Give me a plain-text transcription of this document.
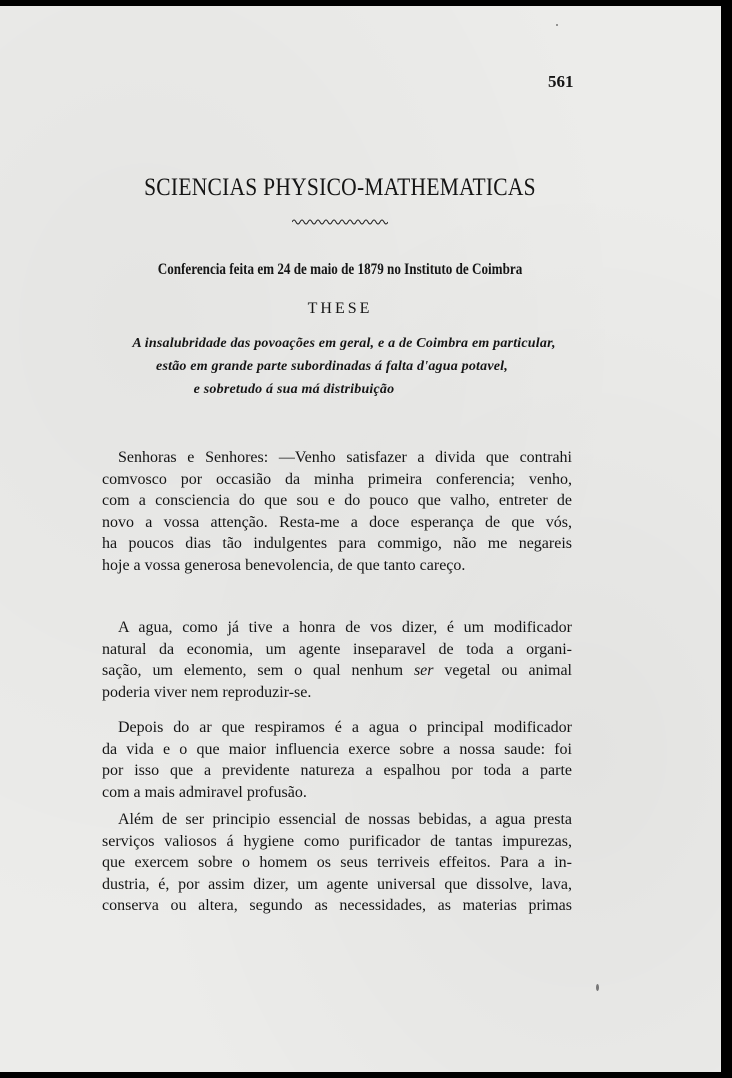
561
SCIENCIAS PHYSICO-MATHEMATICAS
Conferencia feita em 24 de maio de 1879 no Instituto de Coimbra
THESE
A insalubridade das povoações em geral, e a de Coimbra em particular,
estão em grande parte subordinadas á falta d'agua potavel,
e sobretudo á sua má distribuição
Senhoras e Senhores: —Venho satisfazer a divida que contrahi
comvosco por occasião da minha primeira conferencia; venho,
com a consciencia do que sou e do pouco que valho, entreter de
novo a vossa attenção. Resta-me a doce esperança de que vós,
ha poucos dias tão indulgentes para commigo, não me negareis
hoje a vossa generosa benevolencia, de que tanto careço.
A agua, como já tive a honra de vos dizer, é um modificador
natural da economia, um agente inseparavel de toda a organi-
sação, um elemento, sem o qual nenhum ser vegetal ou animal
poderia viver nem reproduzir-se.
Depois do ar que respiramos é a agua o principal modificador
da vida e o que maior influencia exerce sobre a nossa saude: foi
por isso que a previdente natureza a espalhou por toda a parte
com a mais admiravel profusão.
Além de ser principio essencial de nossas bebidas, a agua presta
serviços valiosos á hygiene como purificador de tantas impurezas,
que exercem sobre o homem os seus terriveis effeitos. Para a in-
dustria, é, por assim dizer, um agente universal que dissolve, lava,
conserva ou altera, segundo as necessidades, as materias primas
